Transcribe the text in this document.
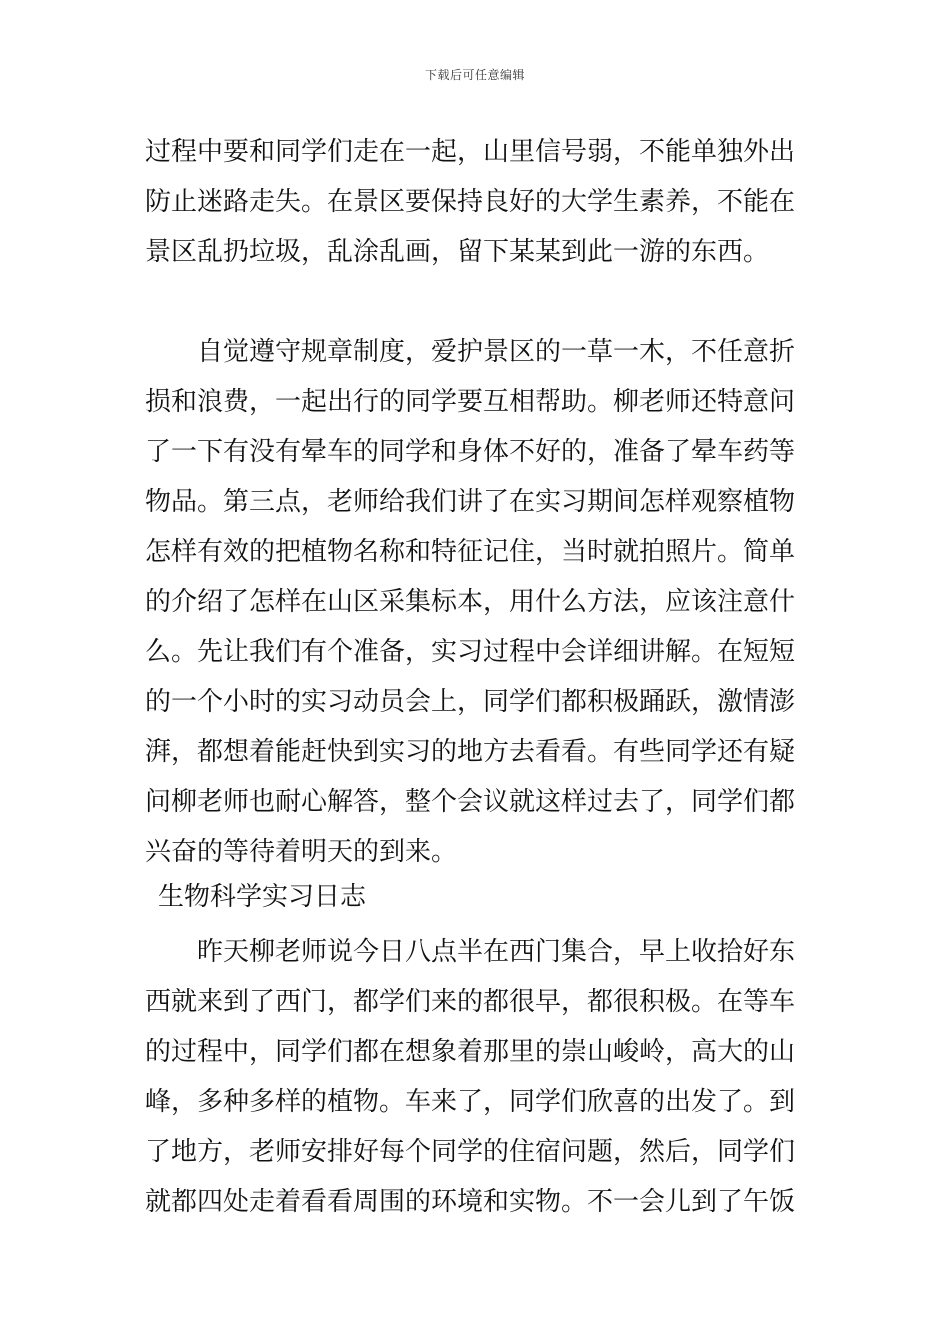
下载后可任意编辑
过程中要和同学们走在一起，山里信号弱，不能单独外出
防止迷路走失。在景区要保持良好的大学生素养，不能在
景区乱扔垃圾，乱涂乱画，留下某某到此一游的东西。
　　自觉遵守规章制度，爱护景区的一草一木，不任意折
损和浪费，一起出行的同学要互相帮助。柳老师还特意问
了一下有没有晕车的同学和身体不好的，准备了晕车药等
物品。第三点，老师给我们讲了在实习期间怎样观察植物
怎样有效的把植物名称和特征记住，当时就拍照片。简单
的介绍了怎样在山区采集标本，用什么方法，应该注意什
么。先让我们有个准备，实习过程中会详细讲解。在短短
的一个小时的实习动员会上，同学们都积极踊跃，激情澎
湃，都想着能赶快到实习的地方去看看。有些同学还有疑
问柳老师也耐心解答，整个会议就这样过去了，同学们都
兴奋的等待着明天的到来。
生物科学实习日志
　　昨天柳老师说今日八点半在西门集合，早上收拾好东
西就来到了西门，都学们来的都很早，都很积极。在等车
的过程中，同学们都在想象着那里的崇山峻岭，高大的山
峰，多种多样的植物。车来了，同学们欣喜的出发了。到
了地方，老师安排好每个同学的住宿问题，然后，同学们
就都四处走着看看周围的环境和实物。不一会儿到了午饭
